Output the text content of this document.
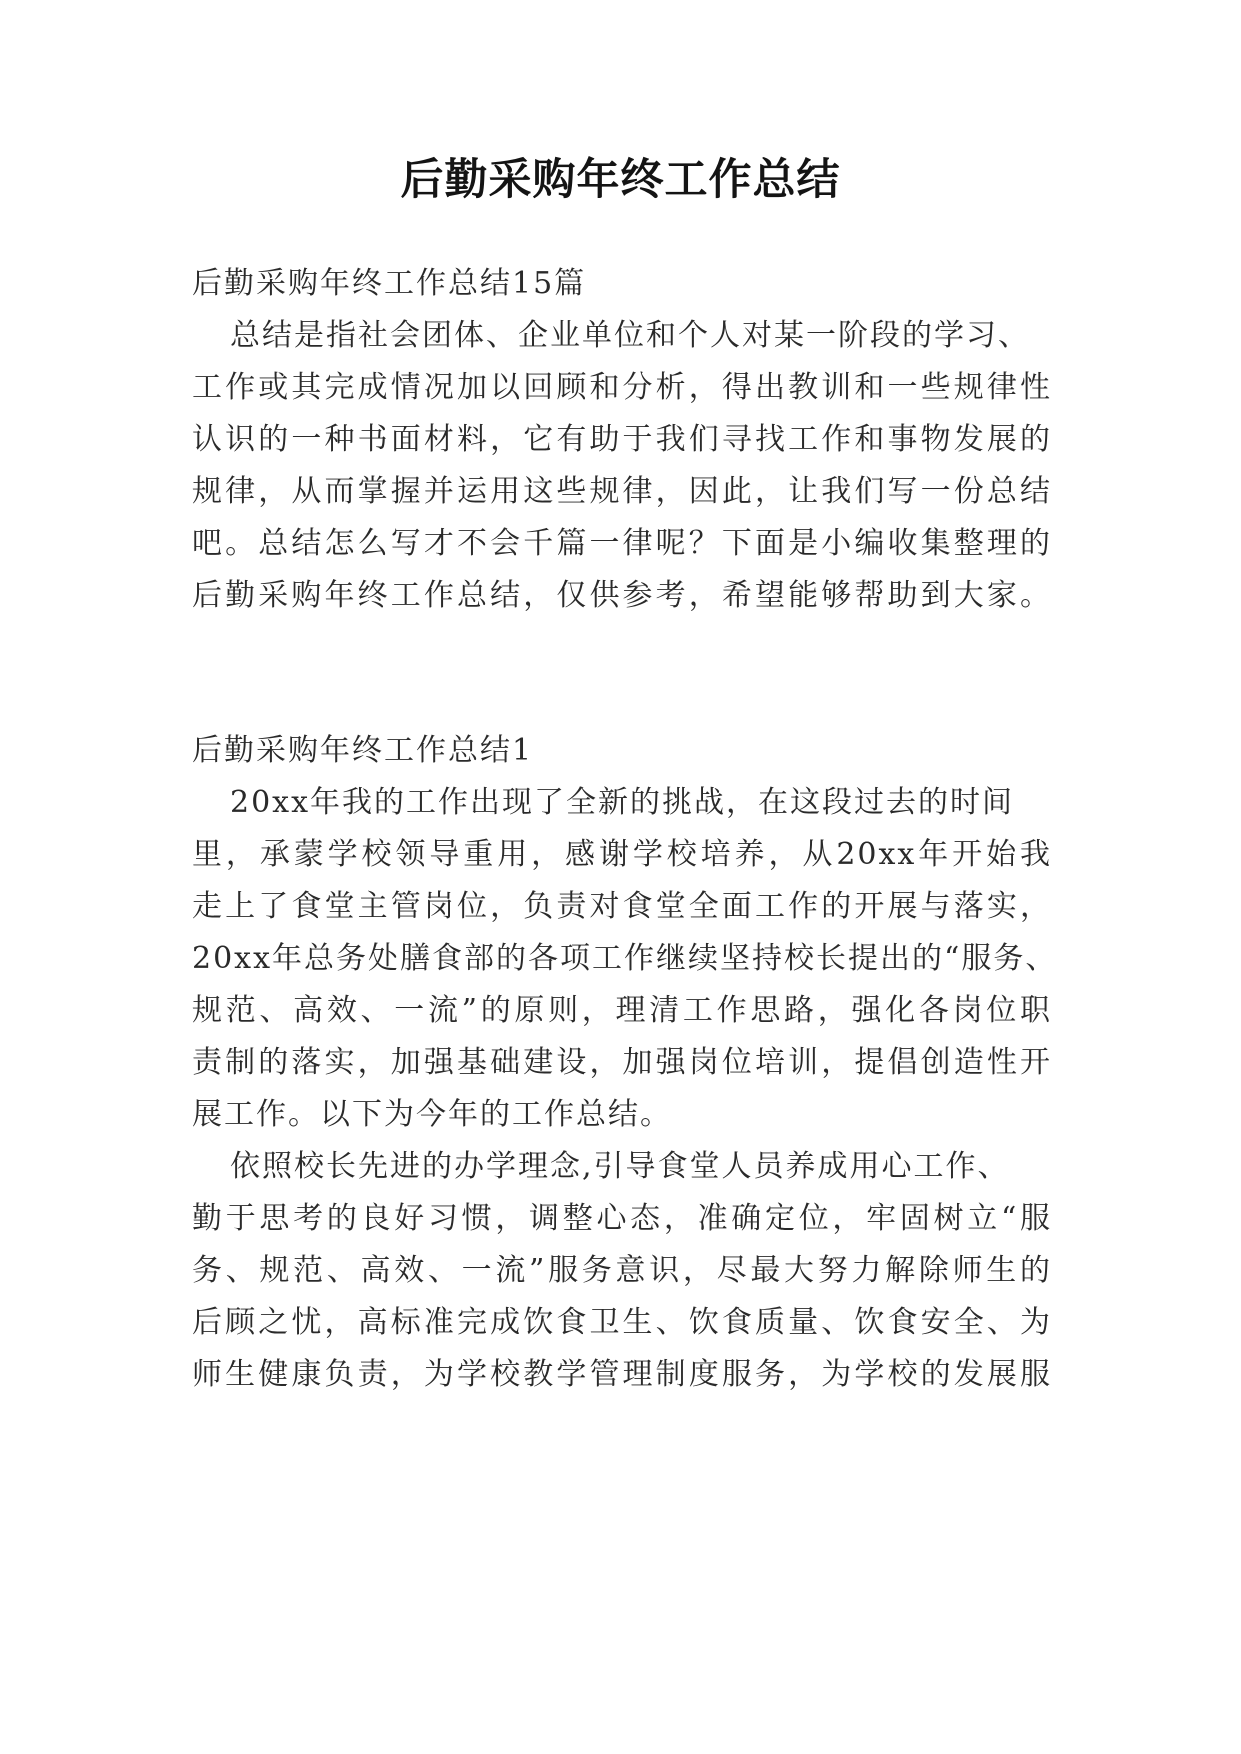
后勤采购年终工作总结

后勤采购年终工作总结15篇

总结是指社会团体、企业单位和个人对某一阶段的学习、

工作或其完成情况加以回顾和分析，得出教训和一些规律性

认识的一种书面材料，它有助于我们寻找工作和事物发展的

规律，从而掌握并运用这些规律，因此，让我们写一份总结

吧。总结怎么写才不会千篇一律呢？下面是小编收集整理的

后勤采购年终工作总结，仅供参考，希望能够帮助到大家。

后勤采购年终工作总结1

20xx年我的工作出现了全新的挑战，在这段过去的时间

里，承蒙学校领导重用，感谢学校培养，从20xx年开始我

走上了食堂主管岗位，负责对食堂全面工作的开展与落实，

20xx年总务处膳食部的各项工作继续坚持校长提出的“服务、

规范、高效、一流”的原则，理清工作思路，强化各岗位职

责制的落实，加强基础建设，加强岗位培训，提倡创造性开

展工作。以下为今年的工作总结。

依照校长先进的办学理念,引导食堂人员养成用心工作、

勤于思考的良好习惯，调整心态，准确定位，牢固树立“服

务、规范、高效、一流”服务意识，尽最大努力解除师生的

后顾之忧，高标准完成饮食卫生、饮食质量、饮食安全、为

师生健康负责，为学校教学管理制度服务，为学校的发展服
